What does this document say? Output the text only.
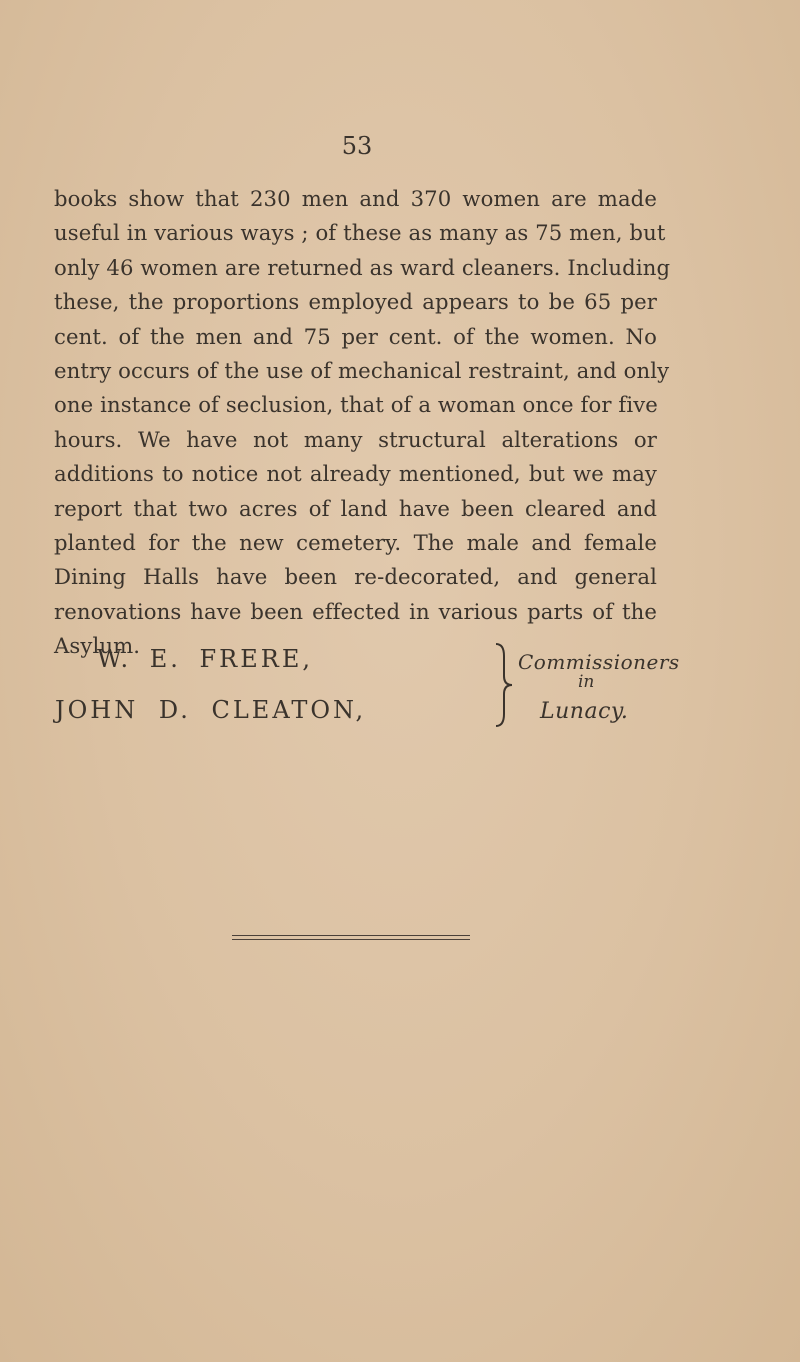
53
books show that 230 men and 370 women are made
useful in various ways ; of these as many as 75 men, but
only 46 women are returned as ward cleaners. Including
these, the proportions employed appears to be 65 per
cent. of the men and 75 per cent. of the women. No
entry occurs of the use of mechanical restraint, and only
one instance of seclusion, that of a woman once for five
hours. We have not many structural alterations or
additions to notice not already mentioned, but we may
report that two acres of land have been cleared and
planted for the new cemetery. The male and female
Dining Halls have been re-decorated, and general
renovations have been effected in various parts of the
Asylum.
W. E. FRERE,
JOHN D. CLEATON,
Commissioners
in
Lunacy.
